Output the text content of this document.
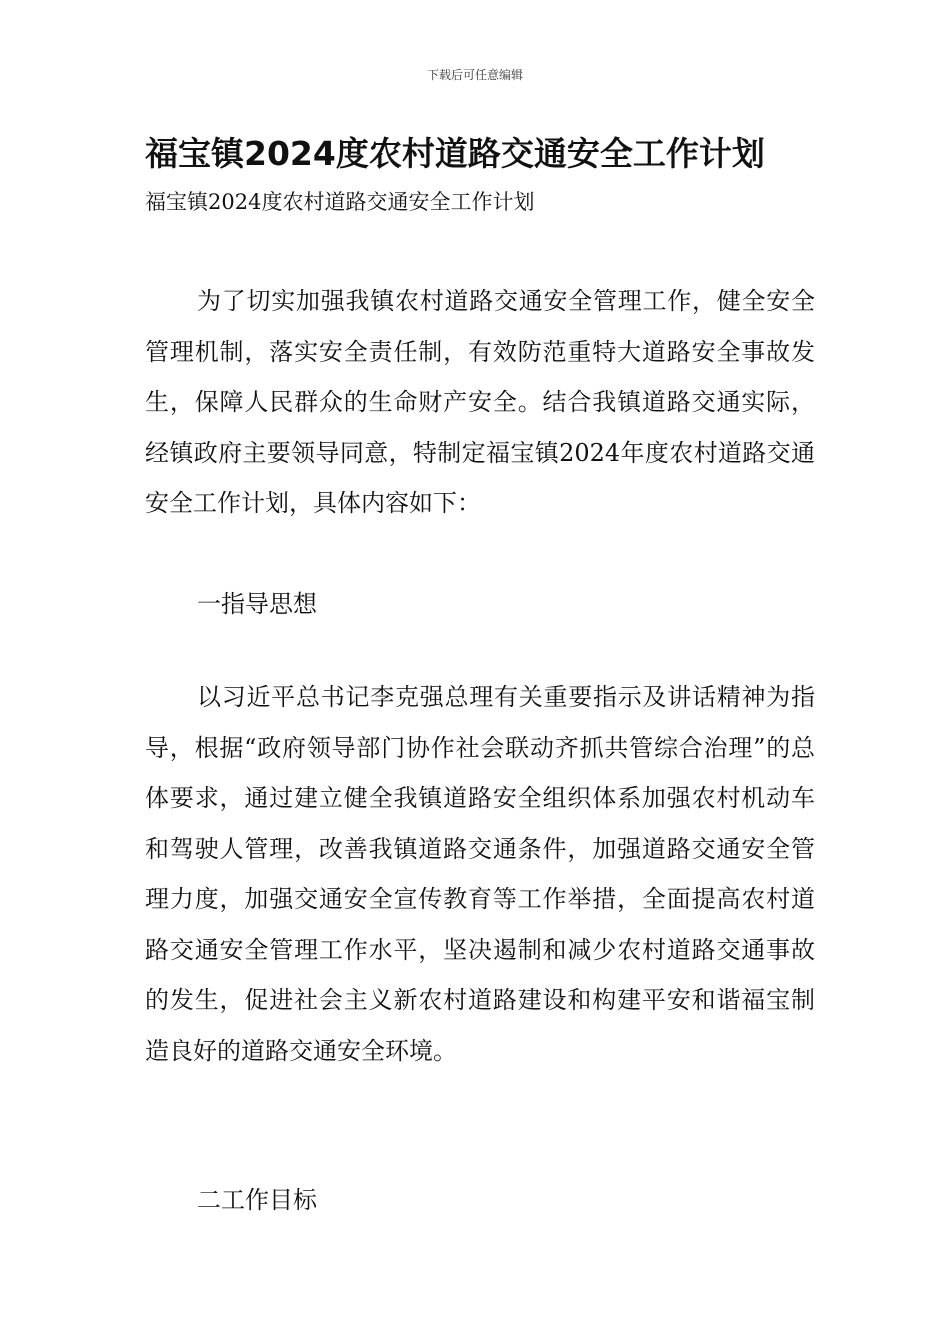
下载后可任意编辑
福宝镇2024度农村道路交通安全工作计划
福宝镇2024度农村道路交通安全工作计划

为了切实加强我镇农村道路交通安全管理工作，健全安全管理机制，落实安全责任制，有效防范重特大道路安全事故发生，保障人民群众的生命财产安全。结合我镇道路交通实际，经镇政府主要领导同意，特制定福宝镇2024年度农村道路交通安全工作计划，具体内容如下：

一指导思想

以习近平总书记李克强总理有关重要指示及讲话精神为指导，根据“政府领导部门协作社会联动齐抓共管综合治理”的总体要求，通过建立健全我镇道路安全组织体系加强农村机动车和驾驶人管理，改善我镇道路交通条件，加强道路交通安全管理力度，加强交通安全宣传教育等工作举措，全面提高农村道路交通安全管理工作水平，坚决遏制和减少农村道路交通事故的发生，促进社会主义新农村道路建设和构建平安和谐福宝制造良好的道路交通安全环境。

二工作目标
